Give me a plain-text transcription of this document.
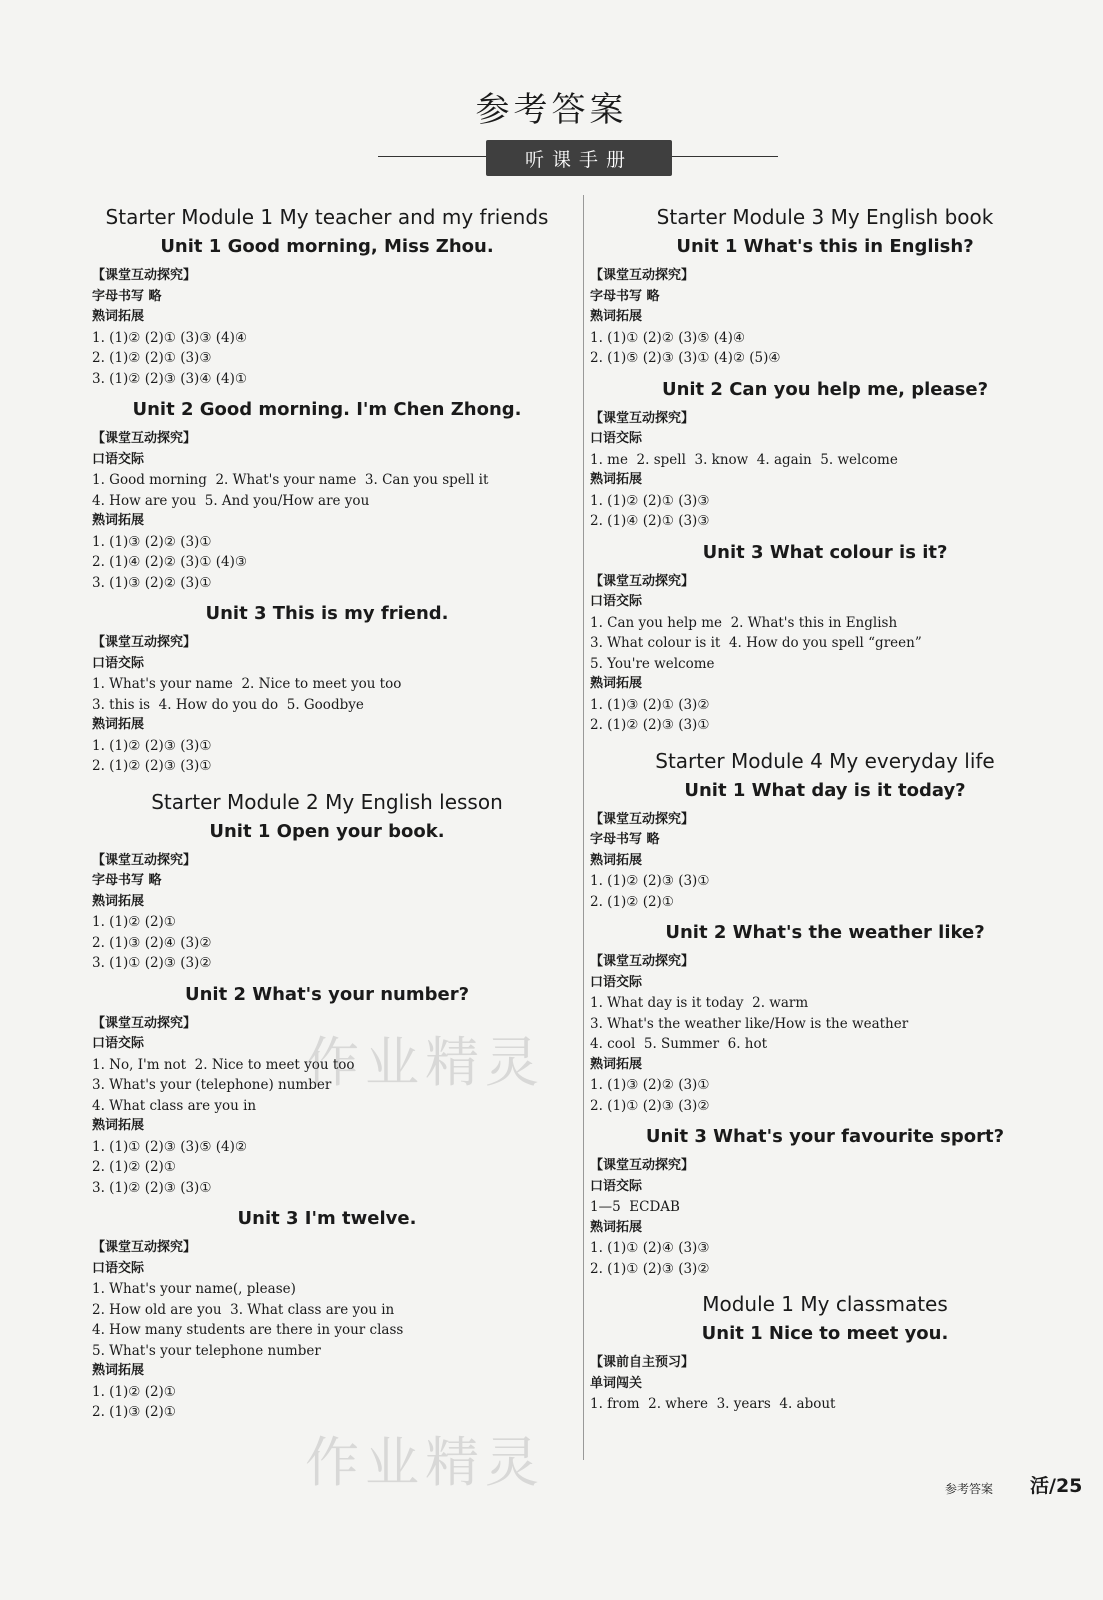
参考答案
听课手册
Starter Module 1 My teacher and my friends
Unit 1 Good morning, Miss Zhou.
【课堂互动探究】
字母书写 略
熟词拓展
1. (1)② (2)① (3)③ (4)④
2. (1)② (2)① (3)③
3. (1)② (2)③ (3)④ (4)①
Unit 2 Good morning. I'm Chen Zhong.
【课堂互动探究】
口语交际
1. Good morning  2. What's your name  3. Can you spell it
4. How are you  5. And you/How are you
熟词拓展
1. (1)③ (2)② (3)①
2. (1)④ (2)② (3)① (4)③
3. (1)③ (2)② (3)①
Unit 3 This is my friend.
【课堂互动探究】
口语交际
1. What's your name  2. Nice to meet you too
3. this is  4. How do you do  5. Goodbye
熟词拓展
1. (1)② (2)③ (3)①
2. (1)② (2)③ (3)①
Starter Module 2 My English lesson
Unit 1 Open your book.
【课堂互动探究】
字母书写 略
熟词拓展
1. (1)② (2)①
2. (1)③ (2)④ (3)②
3. (1)① (2)③ (3)②
Unit 2 What's your number?
【课堂互动探究】
口语交际
1. No, I'm not  2. Nice to meet you too
3. What's your (telephone) number
4. What class are you in
熟词拓展
1. (1)① (2)③ (3)⑤ (4)②
2. (1)② (2)①
3. (1)② (2)③ (3)①
Unit 3 I'm twelve.
【课堂互动探究】
口语交际
1. What's your name(, please)
2. How old are you  3. What class are you in
4. How many students are there in your class
5. What's your telephone number
熟词拓展
1. (1)② (2)①
2. (1)③ (2)①
Starter Module 3 My English book
Unit 1 What's this in English?
【课堂互动探究】
字母书写 略
熟词拓展
1. (1)① (2)② (3)⑤ (4)④
2. (1)⑤ (2)③ (3)① (4)② (5)④
Unit 2 Can you help me, please?
【课堂互动探究】
口语交际
1. me  2. spell  3. know  4. again  5. welcome
熟词拓展
1. (1)② (2)① (3)③
2. (1)④ (2)① (3)③
Unit 3 What colour is it?
【课堂互动探究】
口语交际
1. Can you help me  2. What's this in English
3. What colour is it  4. How do you spell “green”
5. You're welcome
熟词拓展
1. (1)③ (2)① (3)②
2. (1)② (2)③ (3)①
Starter Module 4 My everyday life
Unit 1 What day is it today?
【课堂互动探究】
字母书写 略
熟词拓展
1. (1)② (2)③ (3)①
2. (1)② (2)①
Unit 2 What's the weather like?
【课堂互动探究】
口语交际
1. What day is it today  2. warm
3. What's the weather like/How is the weather
4. cool  5. Summer  6. hot
熟词拓展
1. (1)③ (2)② (3)①
2. (1)① (2)③ (3)②
Unit 3 What's your favourite sport?
【课堂互动探究】
口语交际
1—5  ECDAB
熟词拓展
1. (1)① (2)④ (3)③
2. (1)① (2)③ (3)②
Module 1 My classmates
Unit 1 Nice to meet you.
【课前自主预习】
单词闯关
1. from  2. where  3. years  4. about
作业精灵
作业精灵	参考答案 活/25
